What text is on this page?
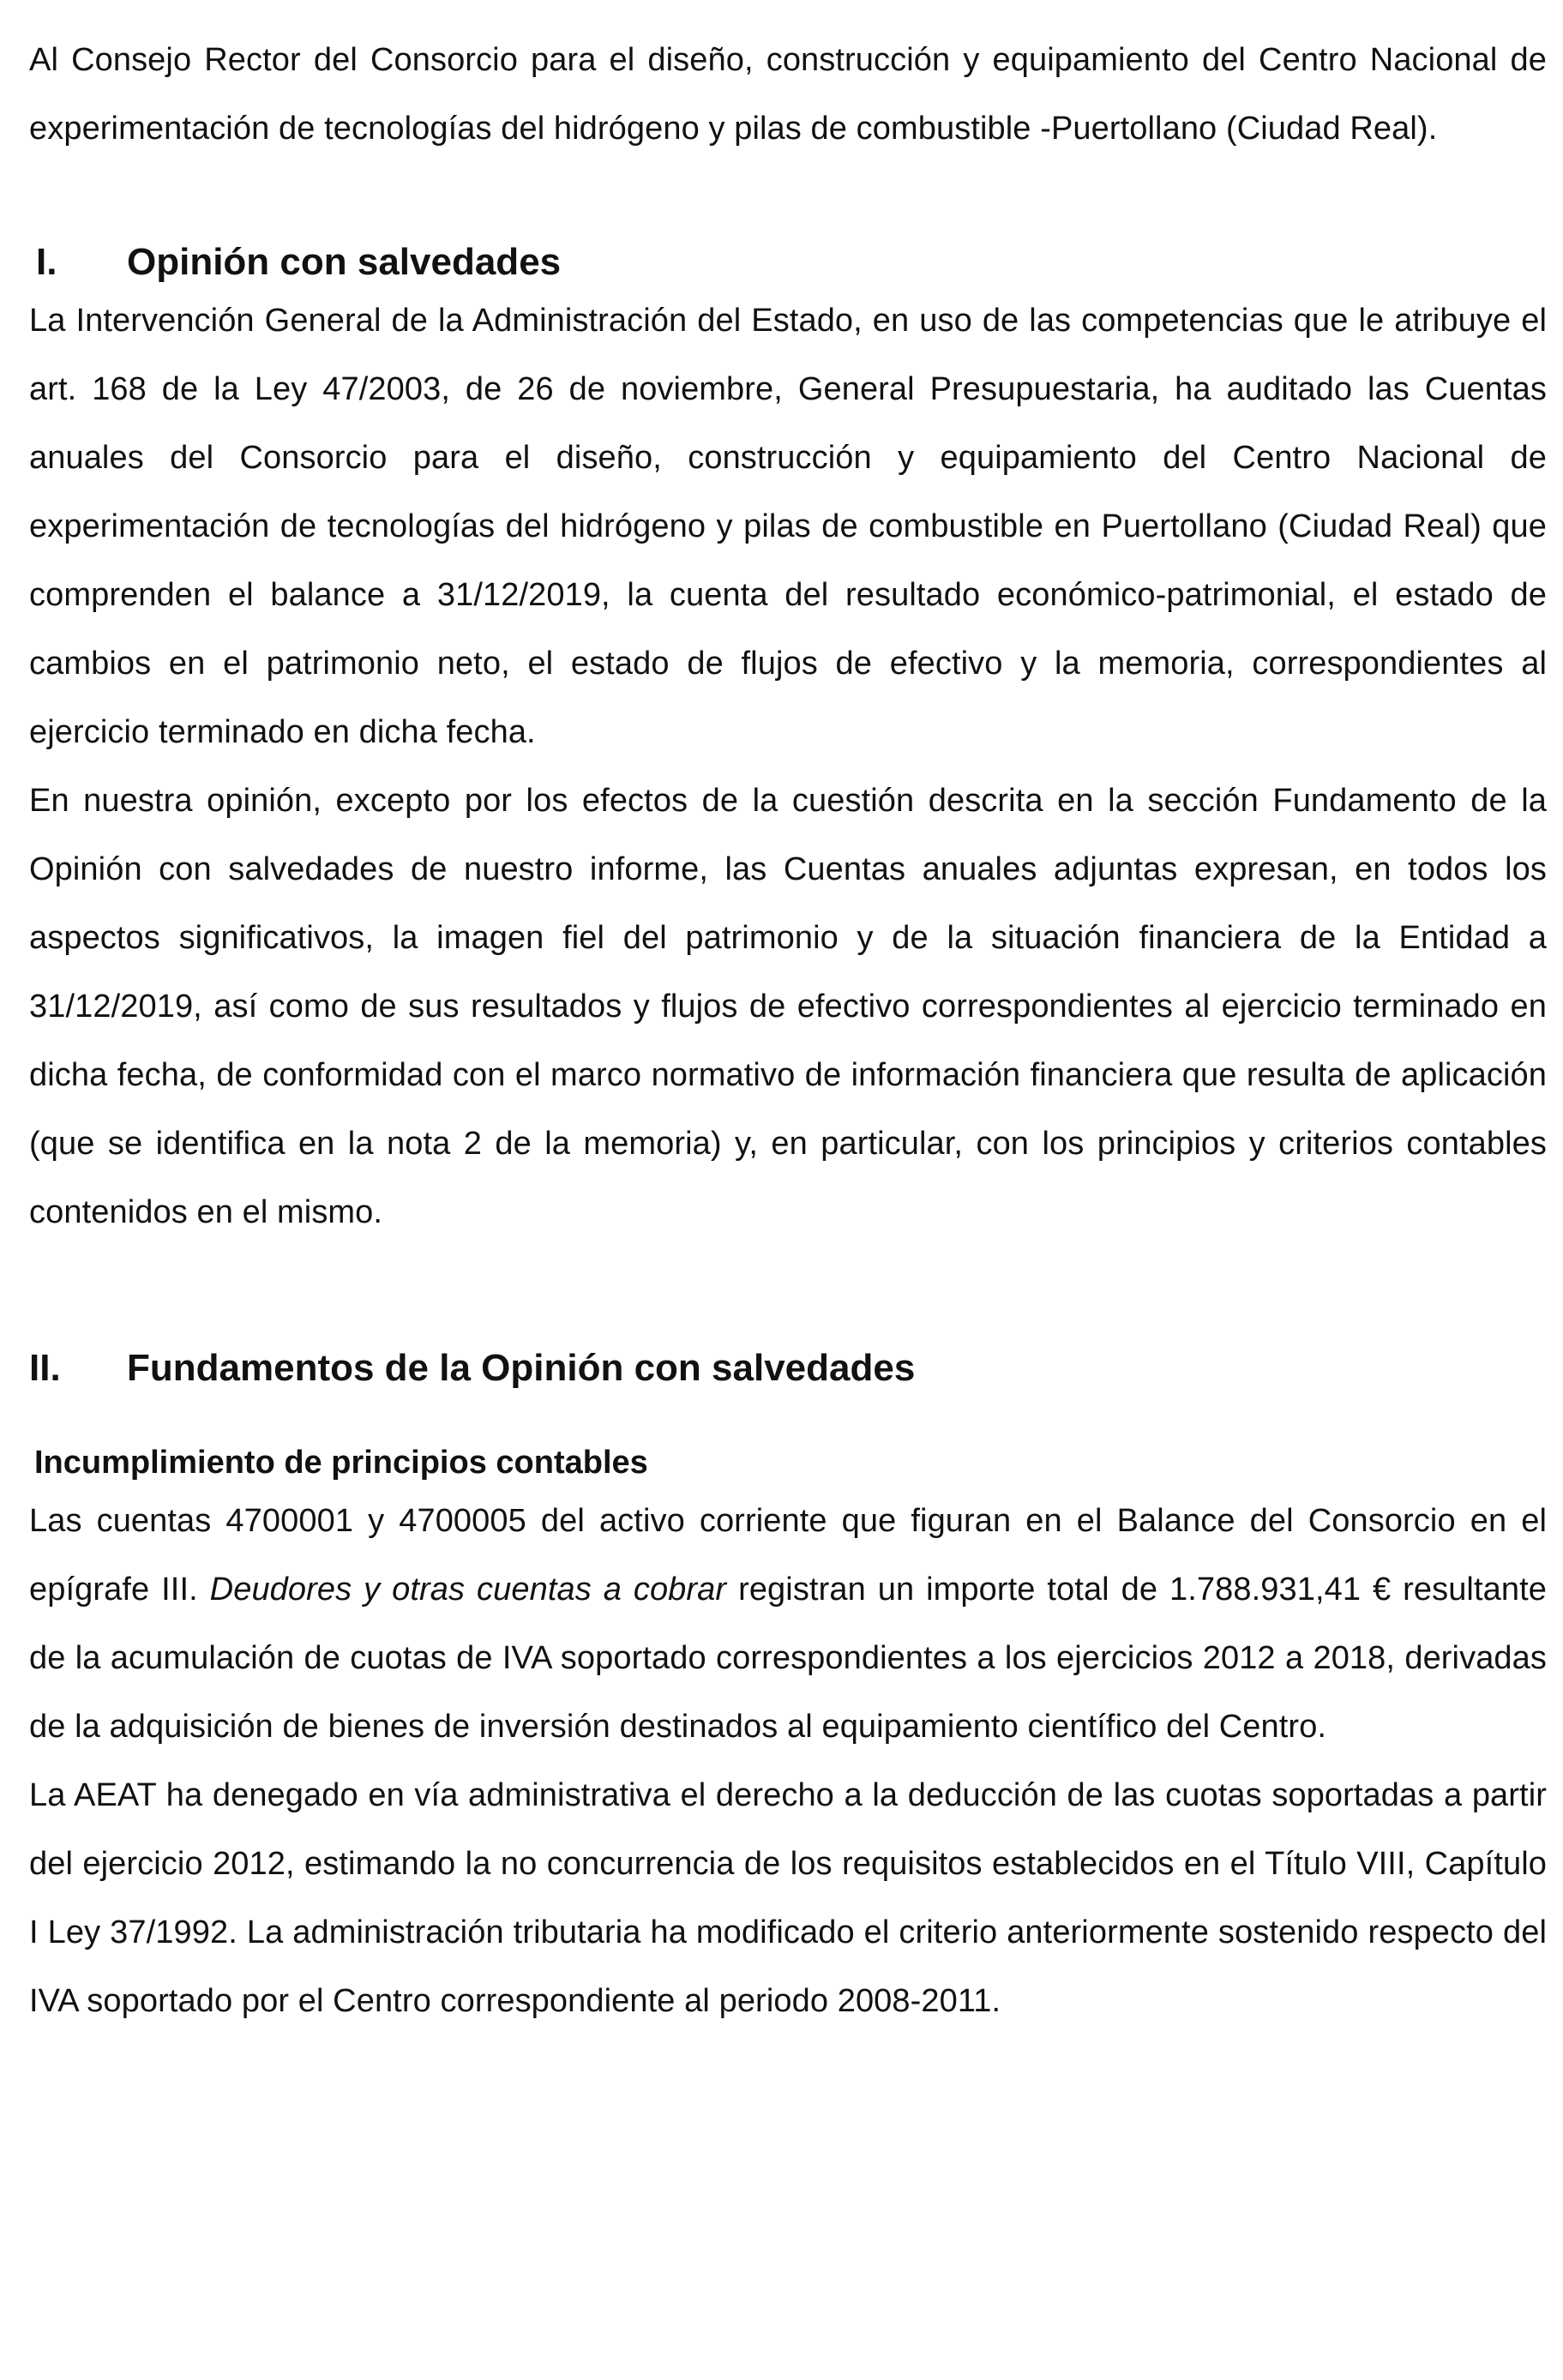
Al Consejo Rector del Consorcio para el diseño, construcción y equipamiento del Centro Nacional de experimentación de tecnologías del hidrógeno y pilas de combustible -Puertollano (Ciudad Real).

I.	Opinión con salvedades

La Intervención General de la Administración del Estado, en uso de las competencias que le atribuye el art. 168 de la Ley 47/2003, de 26 de noviembre, General Presupuestaria, ha auditado las Cuentas anuales del Consorcio para el diseño, construcción y equipamiento del Centro Nacional de experimentación de tecnologías del hidrógeno y pilas de combustible en Puertollano (Ciudad Real) que comprenden el balance a 31/12/2019, la cuenta del resultado económico-patrimonial, el estado de cambios en el patrimonio neto, el estado de flujos de efectivo y la memoria, correspondientes al ejercicio terminado en dicha fecha.

En nuestra opinión, excepto por los efectos de la cuestión descrita en la sección Fundamento de la Opinión con salvedades de nuestro informe, las Cuentas anuales adjuntas expresan, en todos los aspectos significativos, la imagen fiel del patrimonio y de la situación financiera de la Entidad a 31/12/2019, así como de sus resultados y flujos de efectivo correspondientes al ejercicio terminado en dicha fecha, de conformidad con el marco normativo de información financiera que resulta de aplicación (que se identifica en la nota 2 de la memoria) y, en particular, con los principios y criterios contables contenidos en el mismo.

II.	Fundamentos de la Opinión con salvedades
Incumplimiento de principios contables

Las cuentas 4700001 y 4700005 del activo corriente que figuran en el Balance del Consorcio en el epígrafe III. Deudores y otras cuentas a cobrar registran un importe total de 1.788.931,41 € resultante de la acumulación de cuotas de IVA soportado correspondientes a los ejercicios 2012 a 2018, derivadas de la adquisición de bienes de inversión destinados al equipamiento científico del Centro.

La AEAT ha denegado en vía administrativa el derecho a la deducción de las cuotas soportadas a partir del ejercicio 2012, estimando la no concurrencia de los requisitos establecidos en el Título VIII, Capítulo I Ley 37/1992. La administración tributaria ha modificado el criterio anteriormente sostenido respecto del IVA soportado por el Centro correspondiente al periodo 2008-2011.
